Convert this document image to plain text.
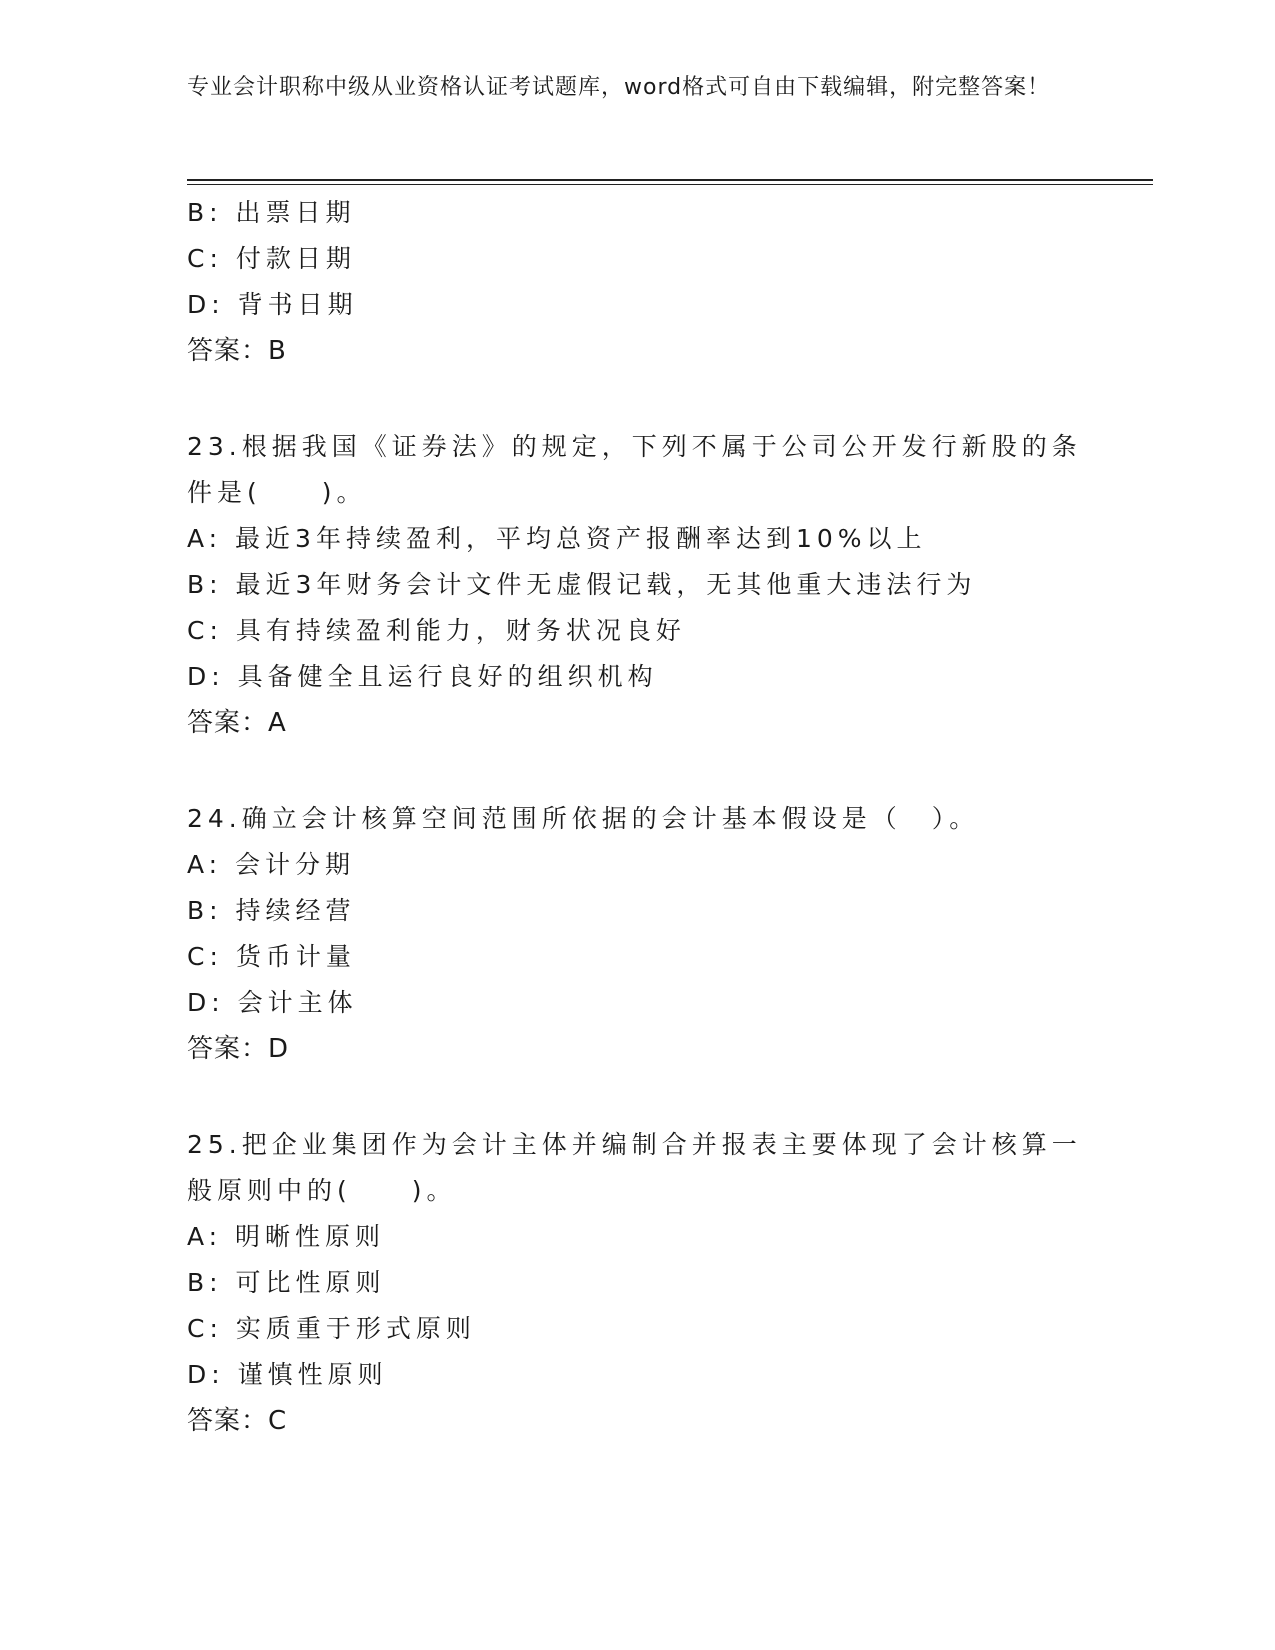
专业会计职称中级从业资格认证考试题库，word格式可自由下载编辑，附完整答案！
B: 出票日期
C: 付款日期
D: 背书日期
答案：B
23.根据我国《证券法》的规定，下列不属于公司公开发行新股的条件是(　　)。
A: 最近3年持续盈利，平均总资产报酬率达到10%以上
B: 最近3年财务会计文件无虚假记载，无其他重大违法行为
C: 具有持续盈利能力，财务状况良好
D: 具备健全且运行良好的组织机构
答案：A
24.确立会计核算空间范围所依据的会计基本假设是（　）。
A: 会计分期
B: 持续经营
C: 货币计量
D: 会计主体
答案：D
25.把企业集团作为会计主体并编制合并报表主要体现了会计核算一般原则中的(　　)。
A: 明晰性原则
B: 可比性原则
C: 实质重于形式原则
D: 谨慎性原则
答案：C
